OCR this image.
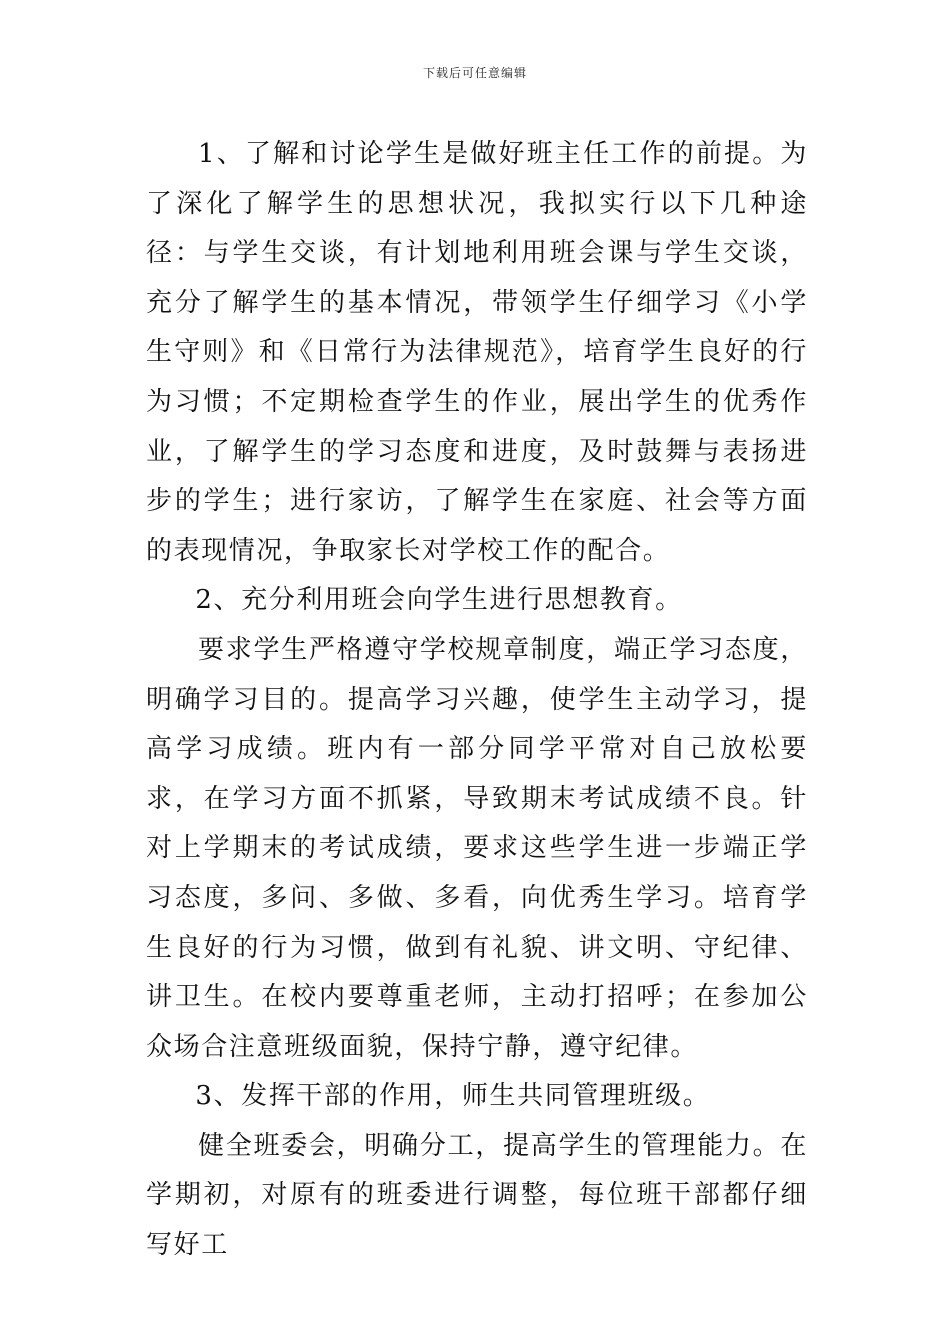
下载后可任意编辑

1、了解和讨论学生是做好班主任工作的前提。为了深化了解学生的思想状况，我拟实行以下几种途径：与学生交谈，有计划地利用班会课与学生交谈，充分了解学生的基本情况，带领学生仔细学习《小学生守则》和《日常行为法律规范》，培育学生良好的行为习惯；不定期检查学生的作业，展出学生的优秀作业，了解学生的学习态度和进度，及时鼓舞与表扬进步的学生；进行家访，了解学生在家庭、社会等方面的表现情况，争取家长对学校工作的配合。

2、充分利用班会向学生进行思想教育。

要求学生严格遵守学校规章制度，端正学习态度，明确学习目的。提高学习兴趣，使学生主动学习，提高学习成绩。班内有一部分同学平常对自己放松要求，在学习方面不抓紧，导致期末考试成绩不良。针对上学期末的考试成绩，要求这些学生进一步端正学习态度，多问、多做、多看，向优秀生学习。培育学生良好的行为习惯，做到有礼貌、讲文明、守纪律、讲卫生。在校内要尊重老师，主动打招呼；在参加公众场合注意班级面貌，保持宁静，遵守纪律。

3、发挥干部的作用，师生共同管理班级。

健全班委会，明确分工，提高学生的管理能力。在学期初，对原有的班委进行调整，每位班干部都仔细写好工
